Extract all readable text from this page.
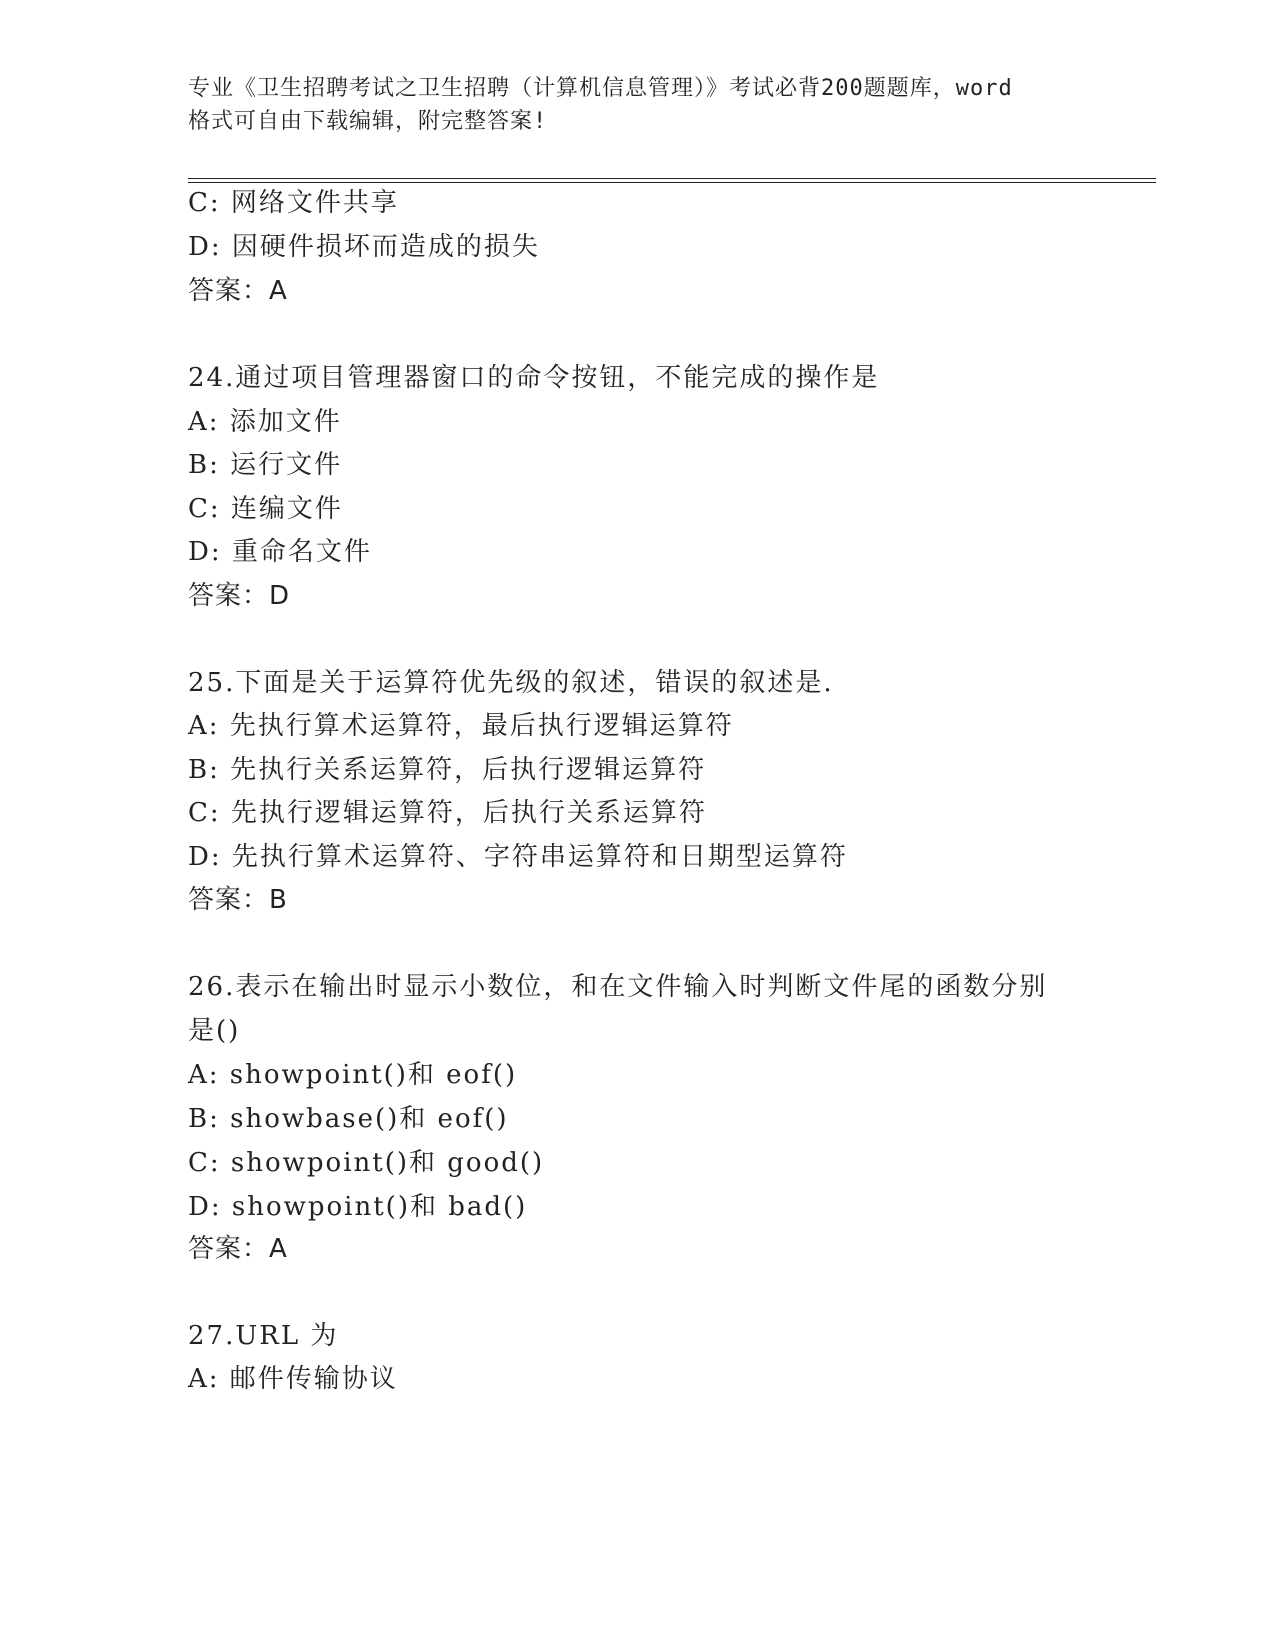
专业《卫生招聘考试之卫生招聘（计算机信息管理）》考试必背200题题库，word
格式可自由下载编辑，附完整答案!
C: 网络文件共享
D: 因硬件损坏而造成的损失
答案：A
24.通过项目管理器窗口的命令按钮，不能完成的操作是
A: 添加文件
B: 运行文件
C: 连编文件
D: 重命名文件
答案：D
25.下面是关于运算符优先级的叙述，错误的叙述是.
A: 先执行算术运算符，最后执行逻辑运算符
B: 先执行关系运算符，后执行逻辑运算符
C: 先执行逻辑运算符，后执行关系运算符
D: 先执行算术运算符、字符串运算符和日期型运算符
答案：B
26.表示在输出时显示小数位，和在文件输入时判断文件尾的函数分别
是()
A: showpoint()和 eof()
B: showbase()和 eof()
C: showpoint()和 good()
D: showpoint()和 bad()
答案：A
27.URL 为
A: 邮件传输协议
